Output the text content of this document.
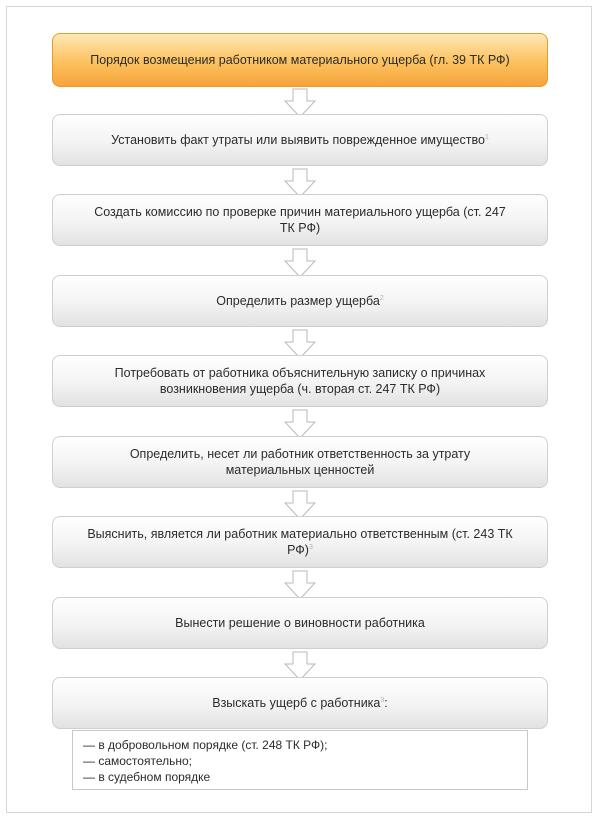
Порядок возмещения работником материального ущерба (гл. 39 ТК РФ)
Установить факт утраты или выявить поврежденное имущество$^1$
Создать комиссию по проверке причин материального ущерба (ст. 247 ТК РФ)
Определить размер ущерба$^2$
Потребовать от работника объяснительную записку о причинах возникновения ущерба (ч. вторая ст. 247 ТК РФ)
Определить, несет ли работник ответственность за утрату материальных ценностей
Выяснить, является ли работник материально ответственным (ст. 243 ТК РФ)$^3$
Вынести решение о виновности работника
Взыскать ущерб с работника$^3$:
— в добровольном порядке (ст. 248 ТК РФ);
— самостоятельно;
— в судебном порядке
